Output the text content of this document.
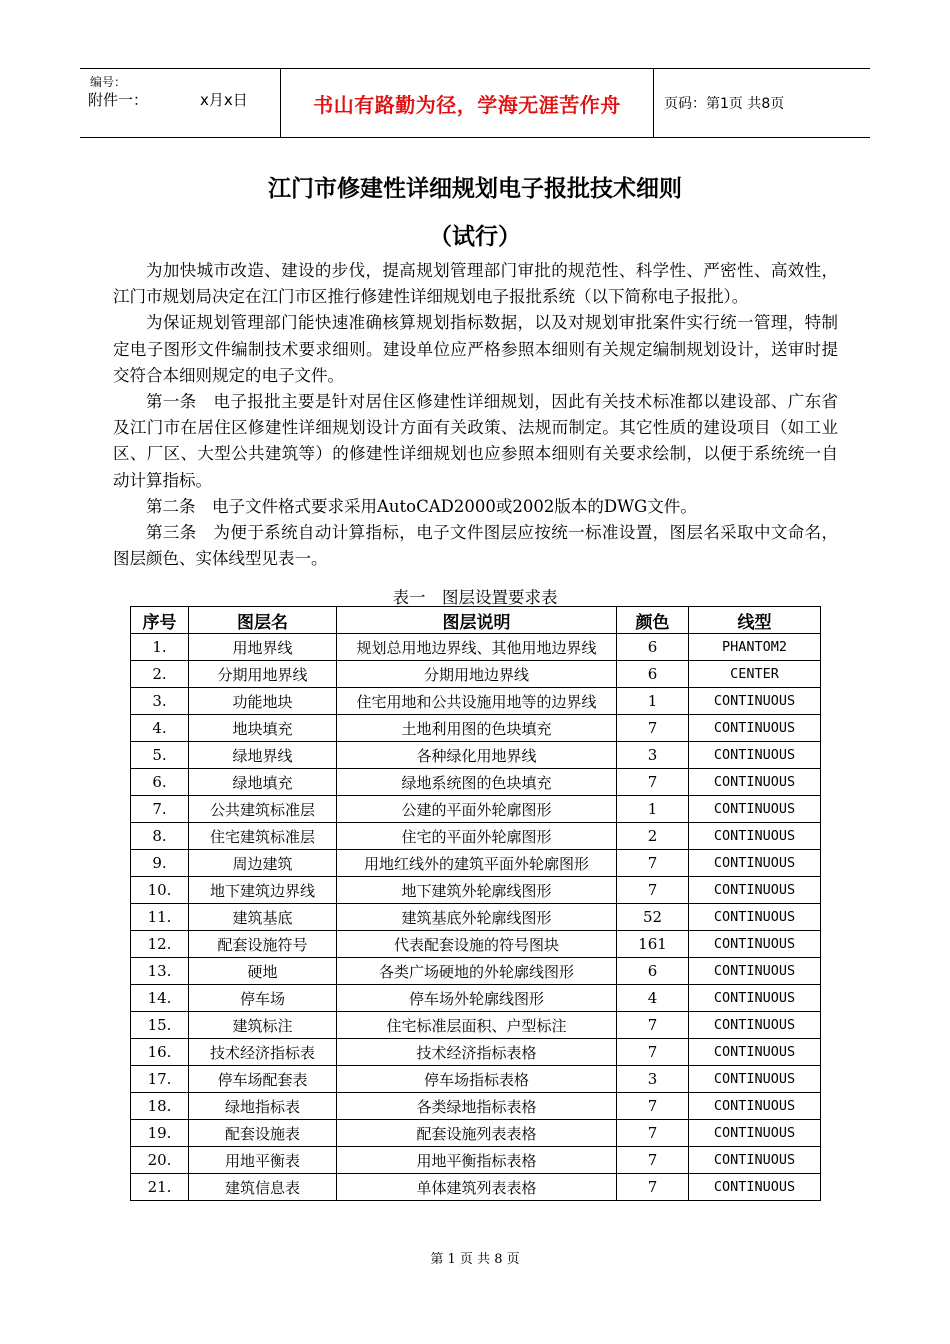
编号：
附件一：	x月x日	书山有路勤为径，学海无涯苦作舟	页码：第1页 共8页
江门市修建性详细规划电子报批技术细则
（试行）

为加快城市改造、建设的步伐，提高规划管理部门审批的规范性、科学性、严密性、高效性，江门市规划局决定在江门市区推行修建性详细规划电子报批系统（以下简称电子报批）。

为保证规划管理部门能快速准确核算规划指标数据，以及对规划审批案件实行统一管理，特制定电子图形文件编制技术要求细则。建设单位应严格参照本细则有关规定编制规划设计，送审时提交符合本细则规定的电子文件。

第一条　电子报批主要是针对居住区修建性详细规划，因此有关技术标准都以建设部、广东省及江门市在居住区修建性详细规划设计方面有关政策、法规而制定。其它性质的建设项目（如工业区、厂区、大型公共建筑等）的修建性详细规划也应参照本细则有关要求绘制，以便于系统统一自动计算指标。

第二条　电子文件格式要求采用AutoCAD2000或2002版本的DWG文件。

第三条　为便于系统自动计算指标，电子文件图层应按统一标准设置，图层名采取中文命名，图层颜色、实体线型见表一。

表一　图层设置要求表
序号	图层名	图层说明	颜色	线型
1.	用地界线	规划总用地边界线、其他用地边界线	6	PHANTOM2
2.	分期用地界线	分期用地边界线	6	CENTER
3.	功能地块	住宅用地和公共设施用地等的边界线	1	CONTINUOUS
4.	地块填充	土地利用图的色块填充	7	CONTINUOUS
5.	绿地界线	各种绿化用地界线	3	CONTINUOUS
6.	绿地填充	绿地系统图的色块填充	7	CONTINUOUS
7.	公共建筑标准层	公建的平面外轮廓图形	1	CONTINUOUS
8.	住宅建筑标准层	住宅的平面外轮廓图形	2	CONTINUOUS
9.	周边建筑	用地红线外的建筑平面外轮廓图形	7	CONTINUOUS
10.	地下建筑边界线	地下建筑外轮廓线图形	7	CONTINUOUS
11.	建筑基底	建筑基底外轮廓线图形	52	CONTINUOUS
12.	配套设施符号	代表配套设施的符号图块	161	CONTINUOUS
13.	硬地	各类广场硬地的外轮廓线图形	6	CONTINUOUS
14.	停车场	停车场外轮廓线图形	4	CONTINUOUS
15.	建筑标注	住宅标准层面积、户型标注	7	CONTINUOUS
16.	技术经济指标表	技术经济指标表格	7	CONTINUOUS
17.	停车场配套表	停车场指标表格	3	CONTINUOUS
18.	绿地指标表	各类绿地指标表格	7	CONTINUOUS
19.	配套设施表	配套设施列表表格	7	CONTINUOUS
20.	用地平衡表	用地平衡指标表格	7	CONTINUOUS
21.	建筑信息表	单体建筑列表表格	7	CONTINUOUS
第 1 页 共 8 页
